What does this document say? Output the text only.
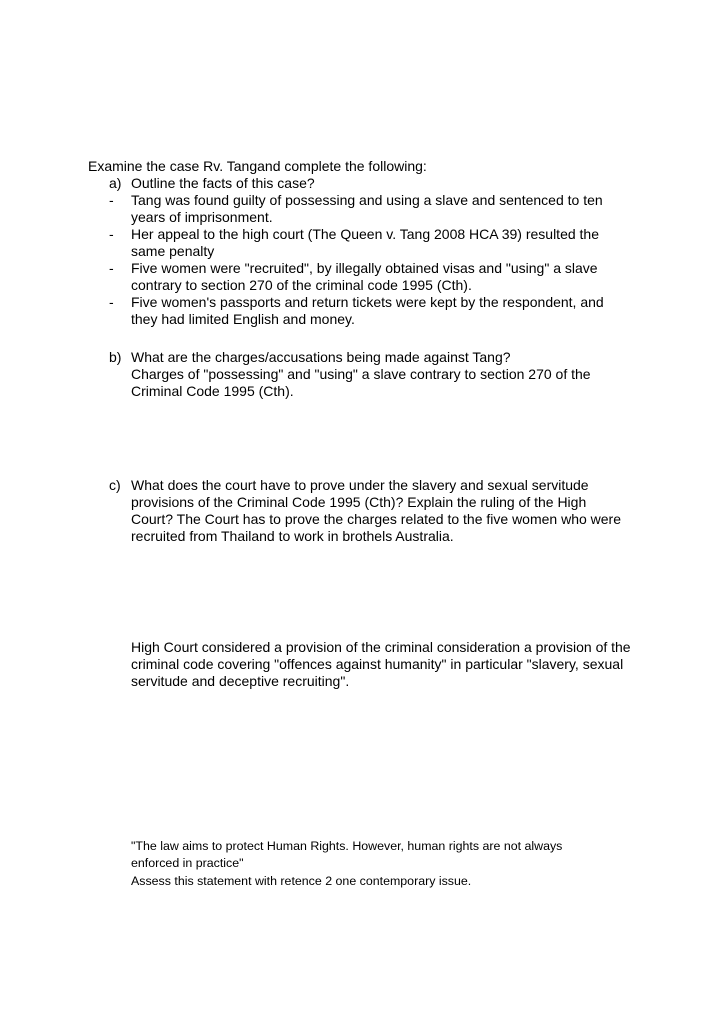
Examine the case Rv. Tangand complete the following:
a) Outline the facts of this case?
- Tang was found guilty of possessing and using a slave and sentenced to ten years of imprisonment.
- Her appeal to the high court (The Queen v. Tang 2008 HCA 39) resulted the same penalty
- Five women were "recruited", by illegally obtained visas and "using" a slave contrary to section 270 of the criminal code 1995 (Cth).
- Five women's passports and return tickets were kept by the respondent, and they had limited English and money.
b) What are the charges/accusations being made against Tang?
Charges of "possessing" and "using" a slave contrary to section 270 of the Criminal Code 1995 (Cth).
c) What does the court have to prove under the slavery and sexual servitude
provisions of the Criminal Code 1995 (Cth)? Explain the ruling of the High Court? The Court has to prove the charges related to the five women who were recruited from Thailand to work in brothels Australia.
High Court considered a provision of the criminal consideration a provision of the criminal code covering "offences against humanity" in particular "slavery, sexual servitude and deceptive recruiting".
"The law aims to protect Human Rights. However, human rights are not always
enforced in practice"
Assess this statement with retence 2 one contemporary issue.
